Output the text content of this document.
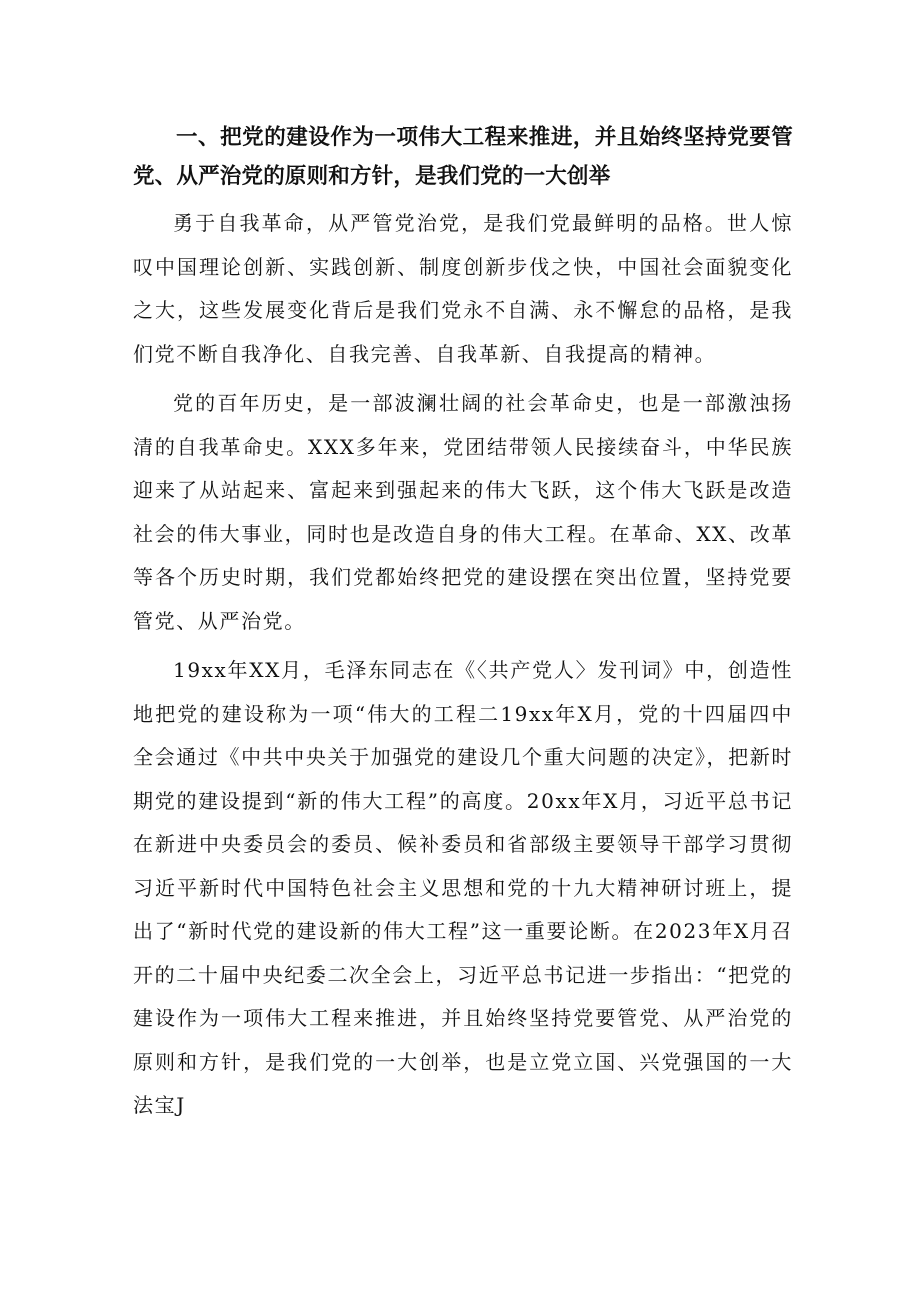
一、把党的建设作为一项伟大工程来推进，并且始终坚持党要管党、从严治党的原则和方针，是我们党的一大创举

勇于自我革命，从严管党治党，是我们党最鲜明的品格。世人惊叹中国理论创新、实践创新、制度创新步伐之快，中国社会面貌变化之大，这些发展变化背后是我们党永不自满、永不懈怠的品格，是我们党不断自我净化、自我完善、自我革新、自我提高的精神。

党的百年历史，是一部波澜壮阔的社会革命史，也是一部激浊扬清的自我革命史。XXX多年来，党团结带领人民接续奋斗，中华民族迎来了从站起来、富起来到强起来的伟大飞跃，这个伟大飞跃是改造社会的伟大事业，同时也是改造自身的伟大工程。在革命、XX、改革等各个历史时期，我们党都始终把党的建设摆在突出位置，坚持党要管党、从严治党。

19xx年XX月，毛泽东同志在《〈共产党人〉发刊词》中，创造性地把党的建设称为一项“伟大的工程二19xx年X月，党的十四届四中全会通过《中共中央关于加强党的建设几个重大问题的决定》，把新时期党的建设提到“新的伟大工程”的高度。20xx年X月，习近平总书记在新进中央委员会的委员、候补委员和省部级主要领导干部学习贯彻习近平新时代中国特色社会主义思想和党的十九大精神研讨班上，提出了“新时代党的建设新的伟大工程”这一重要论断。在2023年X月召开的二十届中央纪委二次全会上，习近平总书记进一步指出：“把党的建设作为一项伟大工程来推进，并且始终坚持党要管党、从严治党的原则和方针，是我们党的一大创举，也是立党立国、兴党强国的一大法宝J
